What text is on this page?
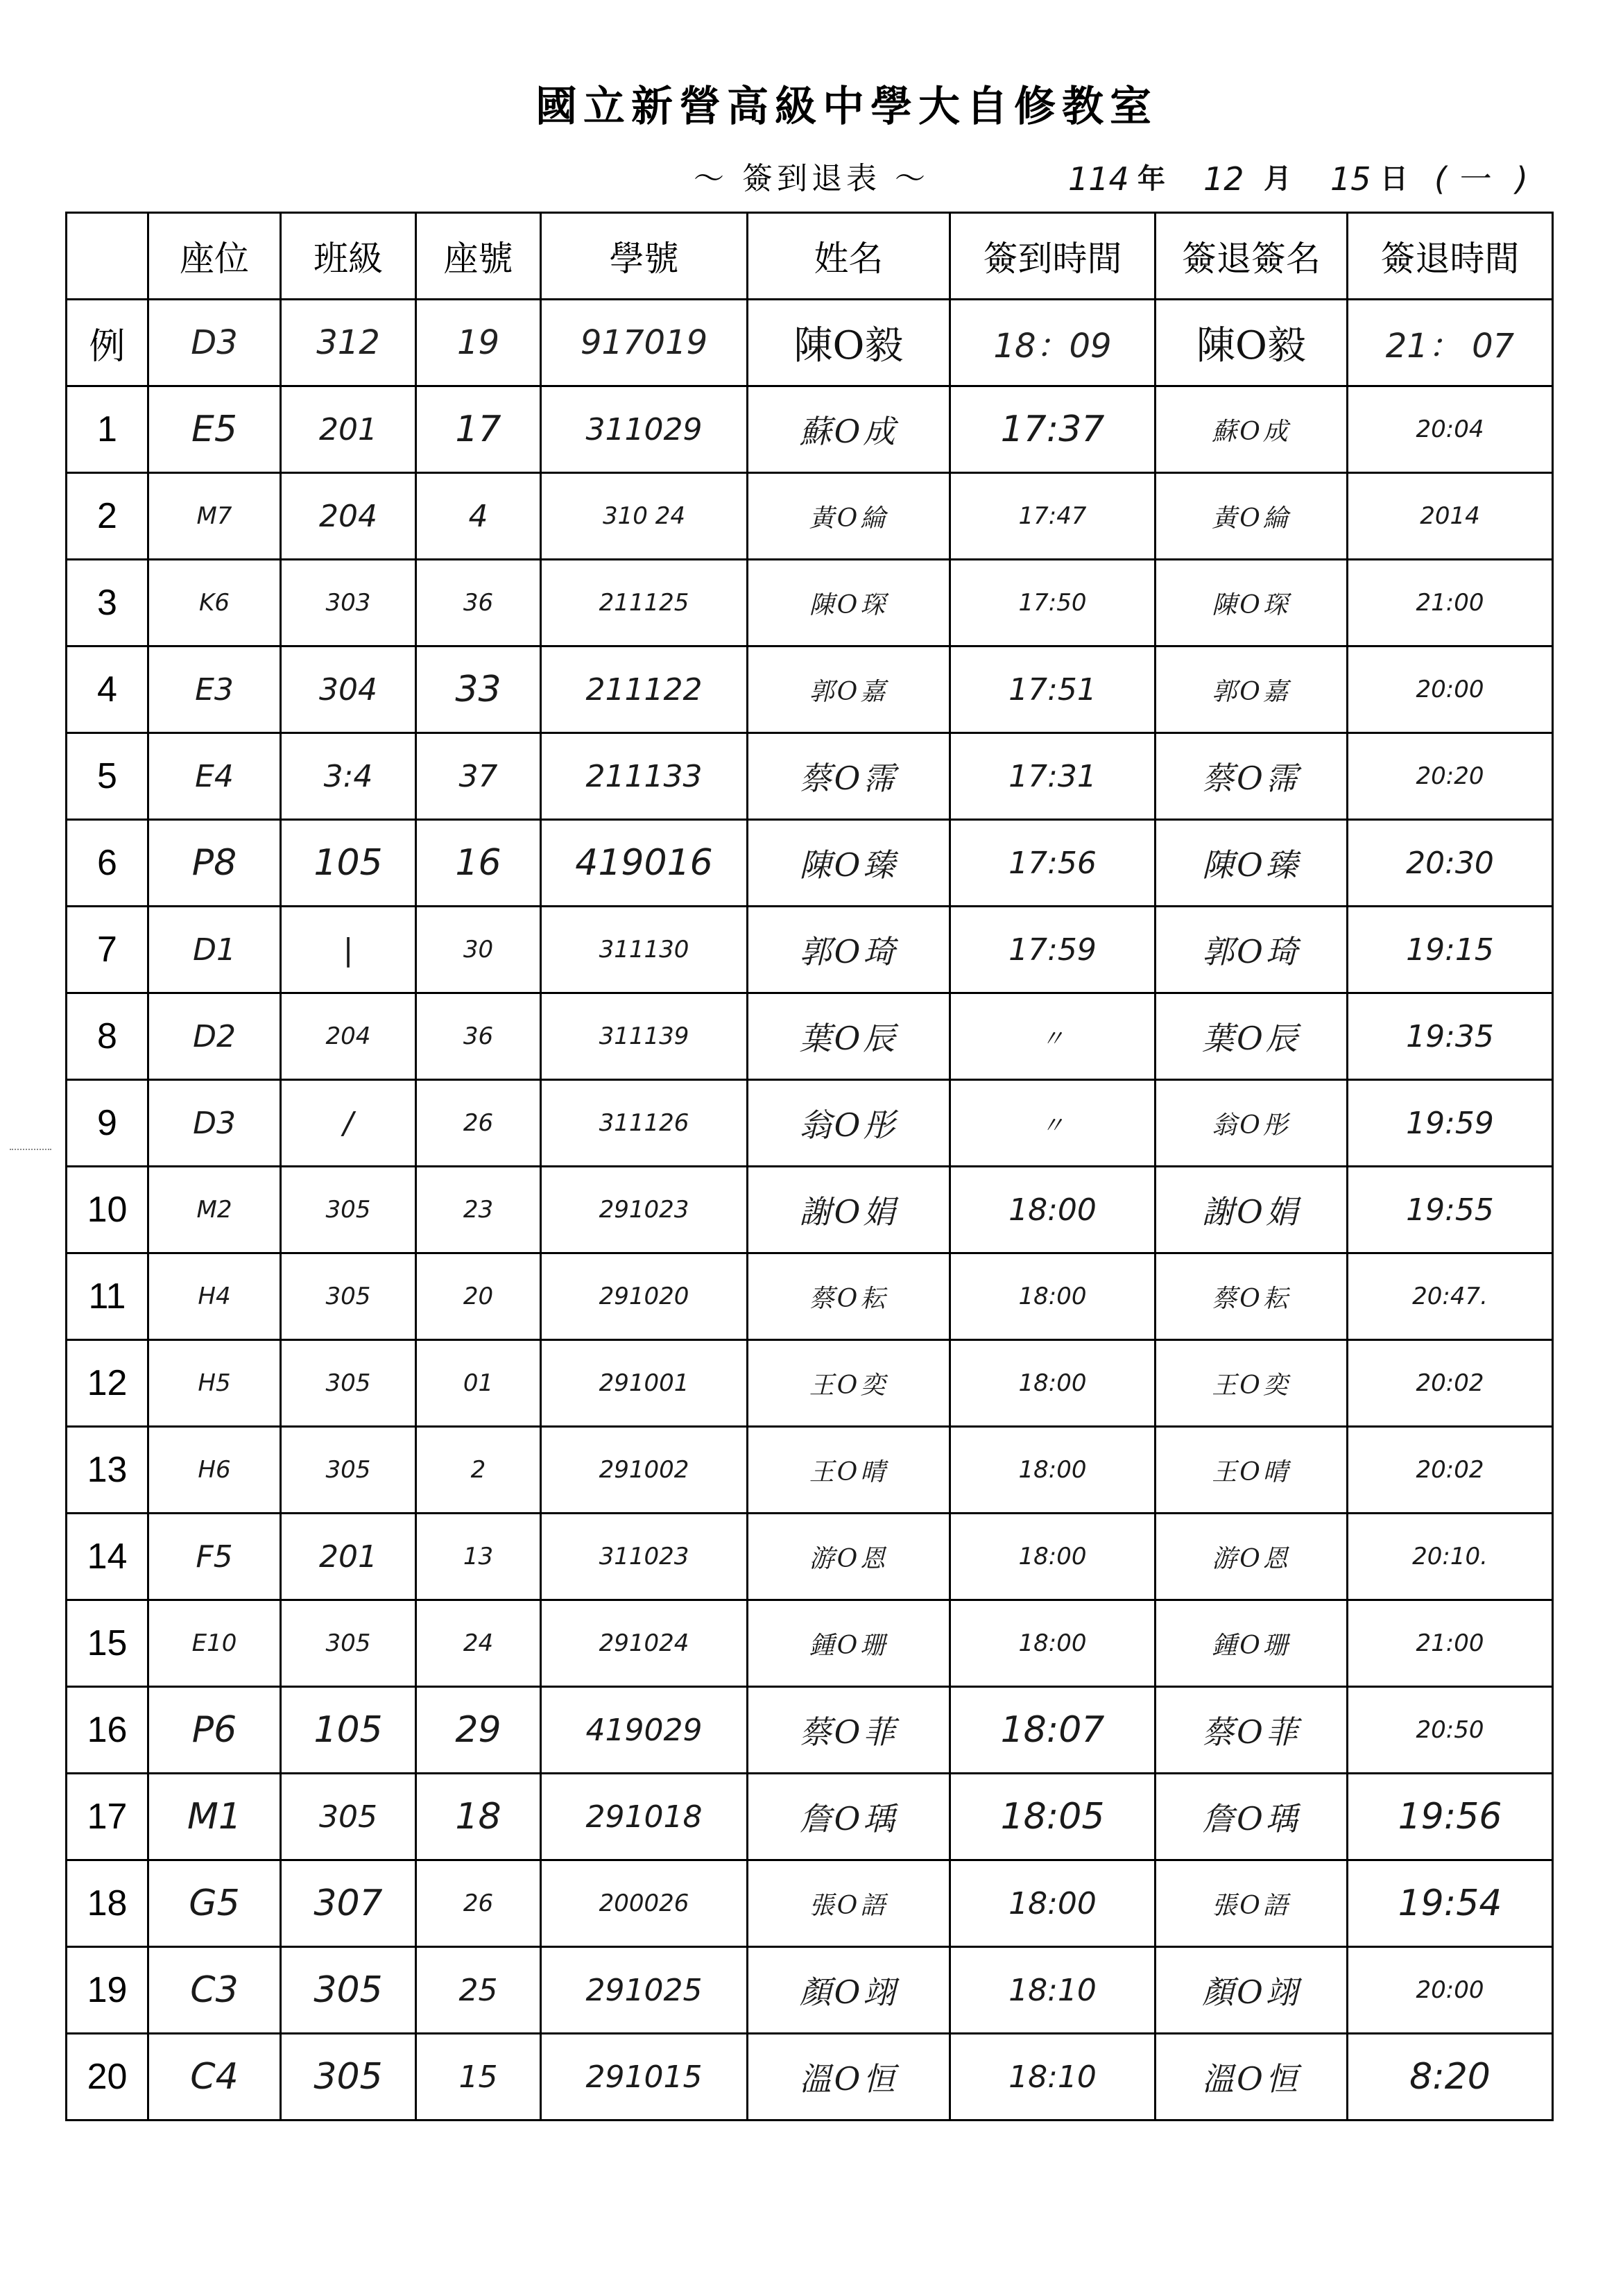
國立新營高級中學大自修教室
～ 簽到退表 ～	114 年 12 月 15 日 ( 一 )
	座位	班級	座號	學號	姓名	簽到時間	簽退簽名	簽退時間
例	D3	312	19	917019	陳O毅	18：09	陳O毅	21： 07
1	E5	201	17	311029	蘇O成	17:37	蘇O成	20:04
2	M7	204	4	310 24	黃O綸	17:47	黃O綸	2014
3	K6	303	36	211125	陳O琛	17:50	陳O琛	21:00
4	E3	304	33	211122	郭O嘉	17:51	郭O嘉	20:00
5	E4	3:4	37	211133	蔡O霈	17:31	蔡O霈	20:20
6	P8	105	16	419016	陳O臻	17:56	陳O臻	20:30
7	D1	|	30	311130	郭O琦	17:59	郭O琦	19:15
8	D2	204	36	311139	葉O辰	〃	葉O辰	19:35
9	D3	/	26	311126	翁O彤	〃	翁O彤	19:59
10	M2	305	23	291023	謝O娟	18:00	謝O娟	19:55
11	H4	305	20	291020	蔡O耘	18:00	蔡O耘	20:47.
12	H5	305	01	291001	王O奕	18:00	王O奕	20:02
13	H6	305	2	291002	王O晴	18:00	王O晴	20:02
14	F5	201	13	311023	游O恩	18:00	游O恩	20:10.
15	E10	305	24	291024	鍾O珊	18:00	鍾O珊	21:00
16	P6	105	29	419029	蔡O菲	18:07	蔡O菲	20:50
17	M1	305	18	291018	詹O瑀	18:05	詹O瑀	19:56
18	G5	307	26	200026	張O語	18:00	張O語	19:54
19	C3	305	25	291025	顏O翊	18:10	顏O翊	20:00
20	C4	305	15	291015	溫O恒	18:10	溫O恒	8:20
